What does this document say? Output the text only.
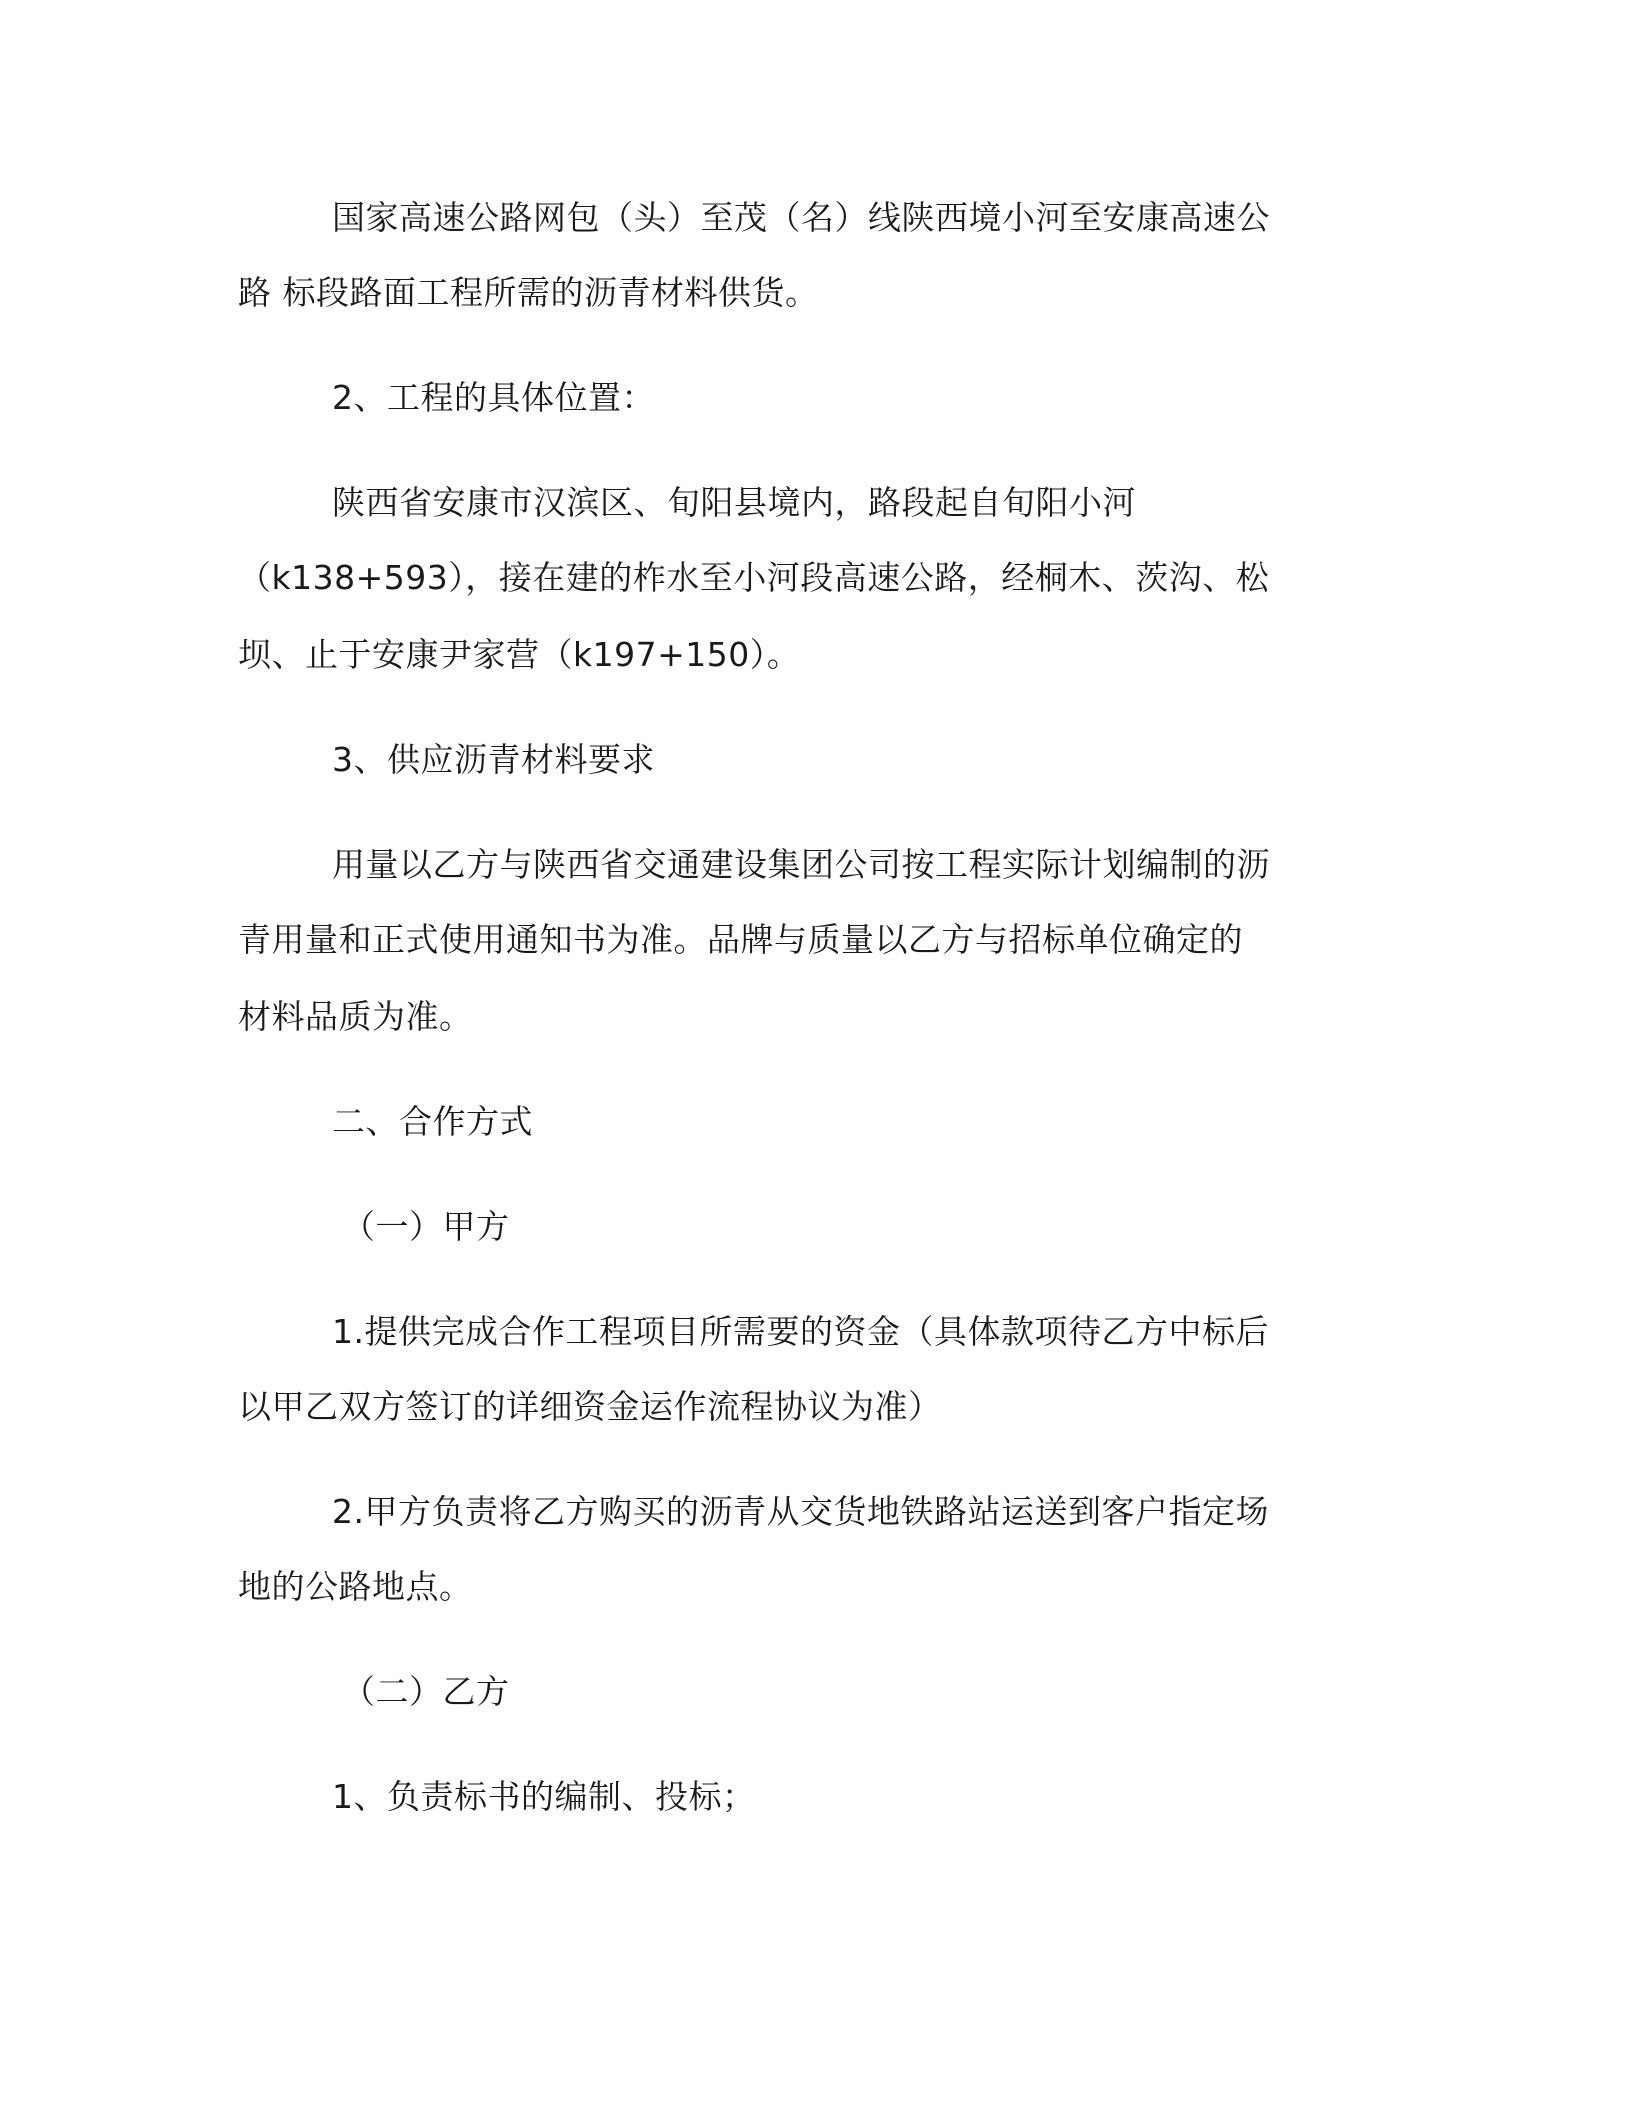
国家高速公路网包（头）至茂（名）线陕西境小河至安康高速公

路 标段路面工程所需的沥青材料供货。

2、工程的具体位置：

陕西省安康市汉滨区、旬阳县境内，路段起自旬阳小河

（k138+593），接在建的柞水至小河段高速公路，经桐木、茨沟、松

坝、止于安康尹家营（k197+150）。

3、供应沥青材料要求

用量以乙方与陕西省交通建设集团公司按工程实际计划编制的沥

青用量和正式使用通知书为准。品牌与质量以乙方与招标单位确定的

材料品质为准。

二、合作方式

（一）甲方

1.提供完成合作工程项目所需要的资金（具体款项待乙方中标后

以甲乙双方签订的详细资金运作流程协议为准）

2.甲方负责将乙方购买的沥青从交货地铁路站运送到客户指定场

地的公路地点。

（二）乙方

1、负责标书的编制、投标；
